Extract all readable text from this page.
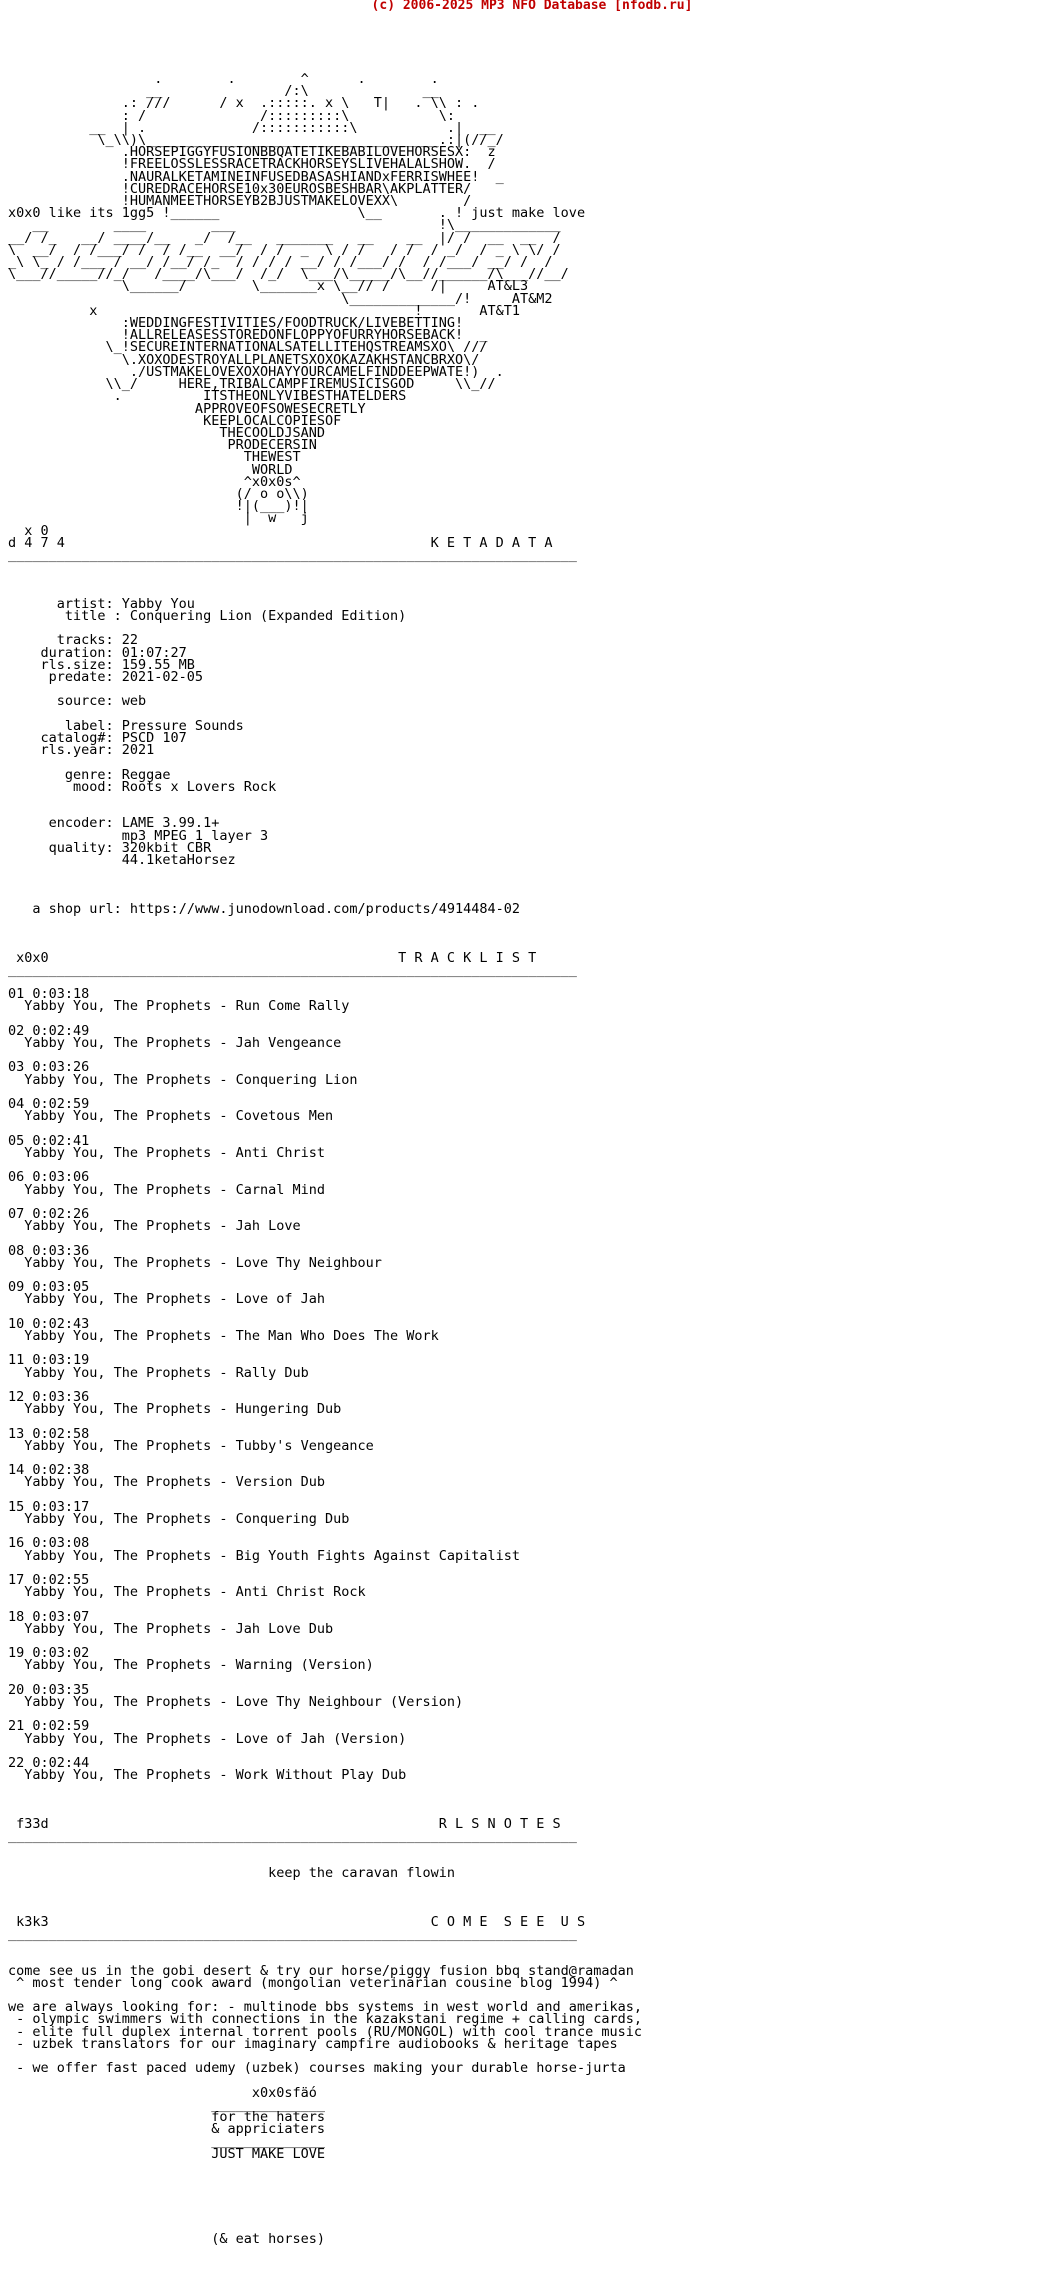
(c) 2006-2025 MP3 NFO Database [nfodb.ru]

.        .        ^      .        .
__               /:\              __
.: ///      / x  .:::::. x \   T|   . \\ : .
: /              /:::::::::\           \:
__  | .             /:::::::::::\           .|  __
\_\\)\____________________________________.:|(//_/
.HORSEPIGGYFUSIONBBQATETIKEBABILOVEHORSESX:  z
!FREELOSSLESSRACETRACKHORSEYSLIVEHALALSHOW.  /
.NAURALKETAMINEINFUSEDBASASHIANDxFERRISWHEE!  _
!CUREDRACEHORSE10x30EUROSBESHBAR\AKPLATTER/
!HUMANMEETHORSEYB2BJUSTMAKELOVEXX\        /
x0x0 like its 1gg5 !______                 \__       . ! just make love
__        ____        ___                         !\_____________
__/ /_   __/ ____/__   _/  /__   _______   __    __  |/ /  __  __  /
\  __/  / /___/ /  / /__  __/  / /  _  \ / /   / /  / _/  / _ \ \/ /
_\ \_ / /___ / __/ /__/ /_  / / / / __/ / /___/ /  / /___/ __/ /  /
\___//_____//_/   /____/\___/  /_/  \___/\_____/\__//______/\___//__/
\______/        \_______x \__// /     /|     AT&L3
\_____________/!     AT&M2
x                                       !       AT&T1
:WEDDINGFESTIVITIES/FOODTRUCK/LIVEBETTING!
!ALLRELEASESSTOREDONFLOPPYOFURRYHORSEBACK!  _
\_!SECUREINTERNATIONALSATELLITEHQSTREAMSXO\ ///
\.XOXODESTROYALLPLANETSXOXOKAZAKHSTANCBRXO\/
./USTMAKELOVEXOXOHAYYOURCAMELFINDDEEPWATE!)  .
\\_/     HERE,TRIBALCAMPFIREMUSICISGOD     \\_//
.          ITSTHEONLYVIBESTHATELDERS
APPROVEOFSOWESECRETLY
KEEPLOCALCOPIESOF
THECOOLDJSAND
PRODECERSIN
THEWEST
WORLD
^x0x0s^
(/ o o\\)
!|(___)!|
|  w   j
x 0
d 4 7 4                                             K E T A D A T A
______________________________________________________________________

artist: Yabby You
title : Conquering Lion (Expanded Edition)

tracks: 22
duration: 01:07:27
rls.size: 159.55 MB
predate: 2021-02-05

source: web

label: Pressure Sounds
catalog#: PSCD 107
rls.year: 2021

genre: Reggae
mood: Roots x Lovers Rock

encoder: LAME 3.99.1+
mp3 MPEG 1 layer 3
quality: 320kbit CBR
44.1ketaHorsez

a shop url: https://www.junodownload.com/products/4914484-02

x0x0                                           T R A C K L I S T
______________________________________________________________________

01 0:03:18
Yabby You, The Prophets - Run Come Rally

02 0:02:49
Yabby You, The Prophets - Jah Vengeance

03 0:03:26
Yabby You, The Prophets - Conquering Lion

04 0:02:59
Yabby You, The Prophets - Covetous Men

05 0:02:41
Yabby You, The Prophets - Anti Christ

06 0:03:06
Yabby You, The Prophets - Carnal Mind

07 0:02:26
Yabby You, The Prophets - Jah Love

08 0:03:36
Yabby You, The Prophets - Love Thy Neighbour

09 0:03:05
Yabby You, The Prophets - Love of Jah

10 0:02:43
Yabby You, The Prophets - The Man Who Does The Work

11 0:03:19
Yabby You, The Prophets - Rally Dub

12 0:03:36
Yabby You, The Prophets - Hungering Dub

13 0:02:58
Yabby You, The Prophets - Tubby's Vengeance

14 0:02:38
Yabby You, The Prophets - Version Dub

15 0:03:17
Yabby You, The Prophets - Conquering Dub

16 0:03:08
Yabby You, The Prophets - Big Youth Fights Against Capitalist

17 0:02:55
Yabby You, The Prophets - Anti Christ Rock

18 0:03:07
Yabby You, The Prophets - Jah Love Dub

19 0:03:02
Yabby You, The Prophets - Warning (Version)

20 0:03:35
Yabby You, The Prophets - Love Thy Neighbour (Version)

21 0:02:59
Yabby You, The Prophets - Love of Jah (Version)

22 0:02:44
Yabby You, The Prophets - Work Without Play Dub

f33d                                                R L S N O T E S
______________________________________________________________________

keep the caravan flowin

k3k3                                               C O M E  S E E  U S
______________________________________________________________________

come see us in the gobi desert & try our horse/piggy fusion bbq stand@ramadan
^ most tender long cook award (mongolian veterinarian cousine blog 1994) ^

we are always looking for: - multinode bbs systems in west world and amerikas,
- olympic swimmers with connections in the kazakstani regime + calling cards,
- elite full duplex internal torrent pools (RU/MONGOL) with cool trance music
- uzbek translators for our imaginary campfire audiobooks & heritage tapes

- we offer fast paced udemy (uzbek) courses making your durable horse-jurta

x0x0sfäó
______________
for the haters
& appriciaters
______________
JUST MAKE LOVE

(& eat horses)
